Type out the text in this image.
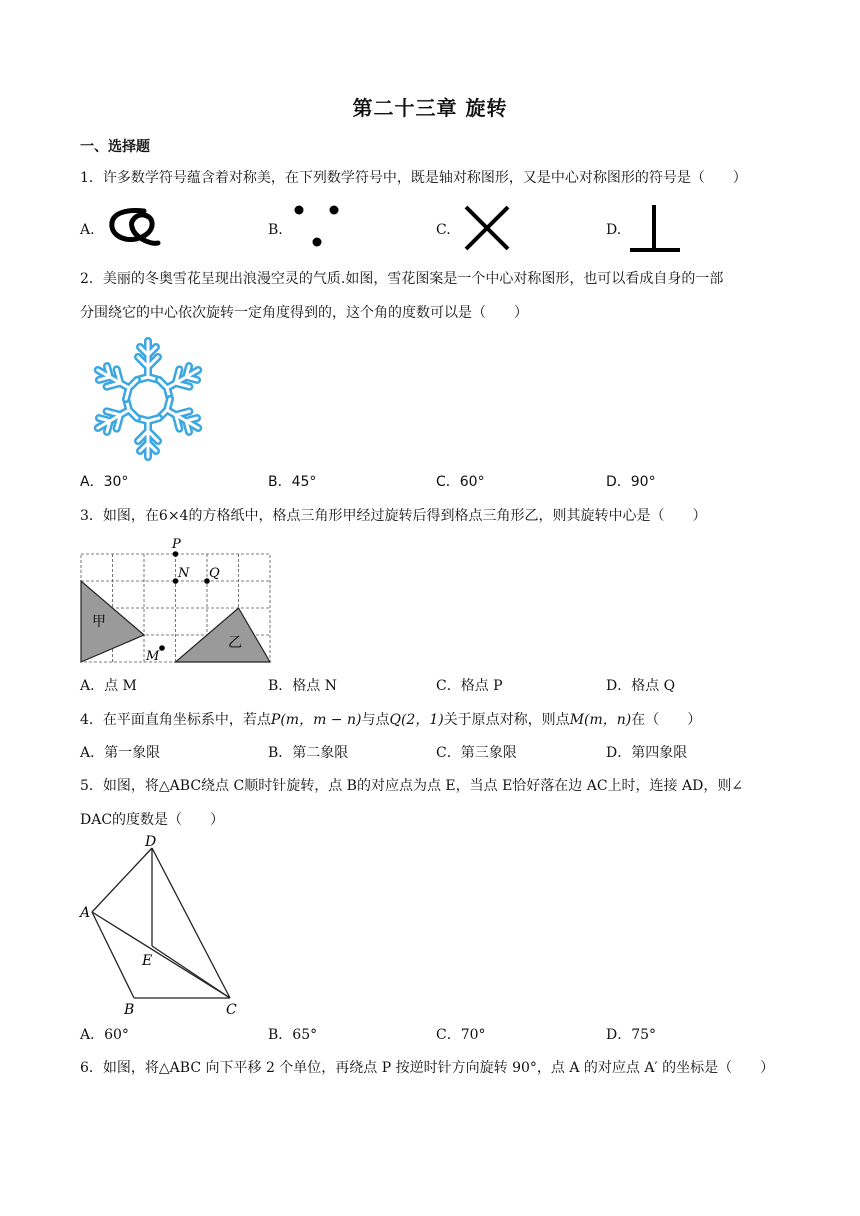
第二十三章 旋转
一、选择题
1．许多数学符号蕴含着对称美，在下列数学符号中，既是轴对称图形，又是中心对称图形的符号是（　　）
A.	B.	C.	D.
2．美丽的冬奥雪花呈现出浪漫空灵的气质.如图，雪花图案是一个中心对称图形，也可以看成自身的一部
分围绕它的中心依次旋转一定角度得到的，这个角的度数可以是（　　）
A．30°	B．45°	C．60°	D．90°
3．如图，在6×4的方格纸中，格点三角形甲经过旋转后得到格点三角形乙，则其旋转中心是（　　）
甲
乙
P
N Q
M
A．点 M	B．格点 N	C．格点 P	D．格点 Q
4．在平面直角坐标系中，若点P(m，m − n)与点Q(2，1)关于原点对称，则点M(m，n)在（　　）
A．第一象限	B．第二象限	C．第三象限	D．第四象限
5．如图，将△ABC绕点 C顺时针旋转，点 B的对应点为点 E，当点 E恰好落在边 AC上时，连接 AD，则∠
DAC的度数是（　　）
D
A
E
B	C
A．60°	B．65°	C．70°	D．75°
6．如图，将△ABC 向下平移 2 个单位，再绕点 P 按逆时针方向旋转 90°，点 A 的对应点 A′ 的坐标是（　　）
